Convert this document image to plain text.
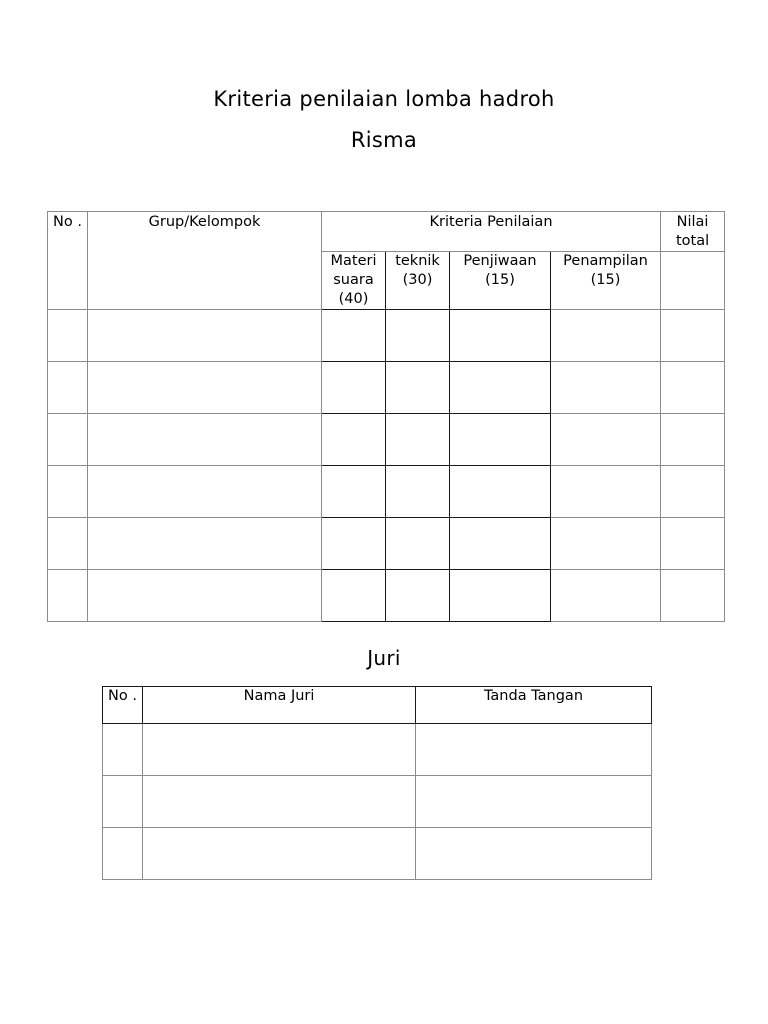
Kriteria penilaian lomba hadroh
Risma
No .	Grup/Kelompok	Kriteria Penilaian				Nilai total
		Materi suara (40)	teknik (30)	Penjiwaan (15)	Penampilan (15)	

Juri
No .	Nama Juri	Tanda Tangan
